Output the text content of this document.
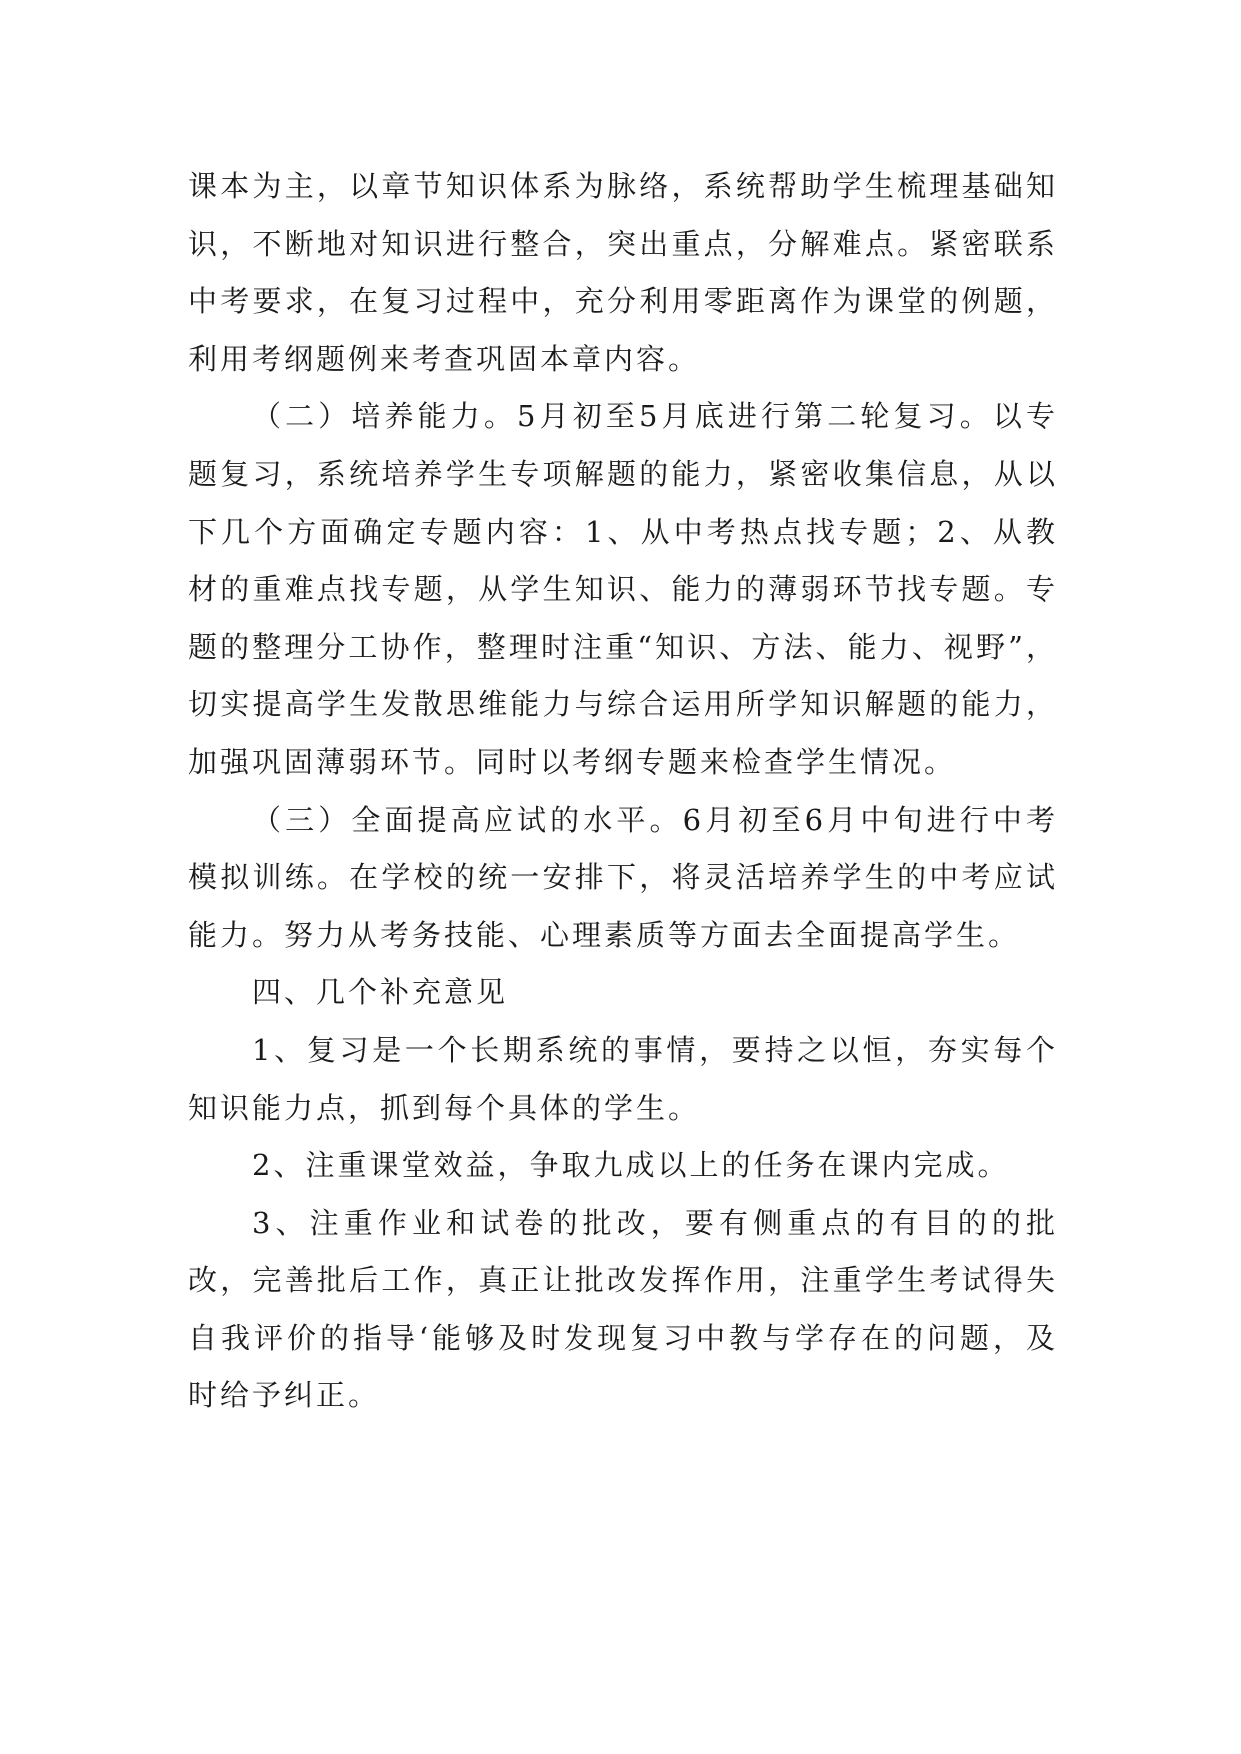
课本为主，以章节知识体系为脉络，系统帮助学生梳理基础知识，不断地对知识进行整合，突出重点，分解难点。紧密联系中考要求，在复习过程中，充分利用零距离作为课堂的例题，利用考纲题例来考查巩固本章内容。

（二）培养能力。5月初至5月底进行第二轮复习。以专题复习，系统培养学生专项解题的能力，紧密收集信息，从以下几个方面确定专题内容：1、从中考热点找专题；2、从教材的重难点找专题，从学生知识、能力的薄弱环节找专题。专题的整理分工协作，整理时注重“知识、方法、能力、视野”，切实提高学生发散思维能力与综合运用所学知识解题的能力，加强巩固薄弱环节。同时以考纲专题来检查学生情况。

（三）全面提高应试的水平。6月初至6月中旬进行中考模拟训练。在学校的统一安排下，将灵活培养学生的中考应试能力。努力从考务技能、心理素质等方面去全面提高学生。

四、几个补充意见

1、复习是一个长期系统的事情，要持之以恒，夯实每个知识能力点，抓到每个具体的学生。

2、注重课堂效益，争取九成以上的任务在课内完成。

3、注重作业和试卷的批改，要有侧重点的有目的的批改，完善批后工作，真正让批改发挥作用，注重学生考试得失自我评价的指导‘能够及时发现复习中教与学存在的问题，及时给予纠正。
